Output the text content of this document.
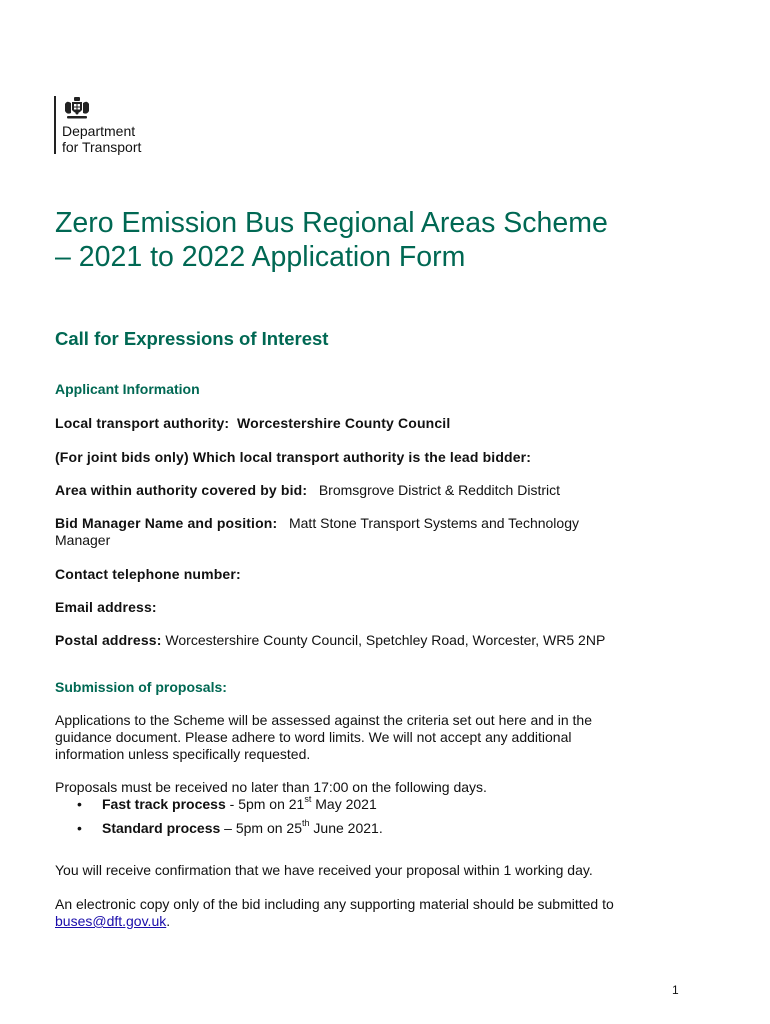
Department
for Transport
Zero Emission Bus Regional Areas Scheme
– 2021 to 2022 Application Form
Call for Expressions of Interest

Applicant Information

Local transport authority: Worcestershire County Council

(For joint bids only) Which local transport authority is the lead bidder:

Area within authority covered by bid: Bromsgrove District & Redditch District

Bid Manager Name and position: Matt Stone Transport Systems and Technology
Manager

Contact telephone number:

Email address:

Postal address: Worcestershire County Council, Spetchley Road, Worcester, WR5 2NP

Submission of proposals:

Applications to the Scheme will be assessed against the criteria set out here and in the
guidance document. Please adhere to word limits. We will not accept any additional
information unless specifically requested.

Proposals must be received no later than 17:00 on the following days.

• Fast track process - 5pm on 21st May 2021
• Standard process – 5pm on 25th June 2021.

You will receive confirmation that we have received your proposal within 1 working day.

An electronic copy only of the bid including any supporting material should be submitted to
buses@dft.gov.uk.

1
